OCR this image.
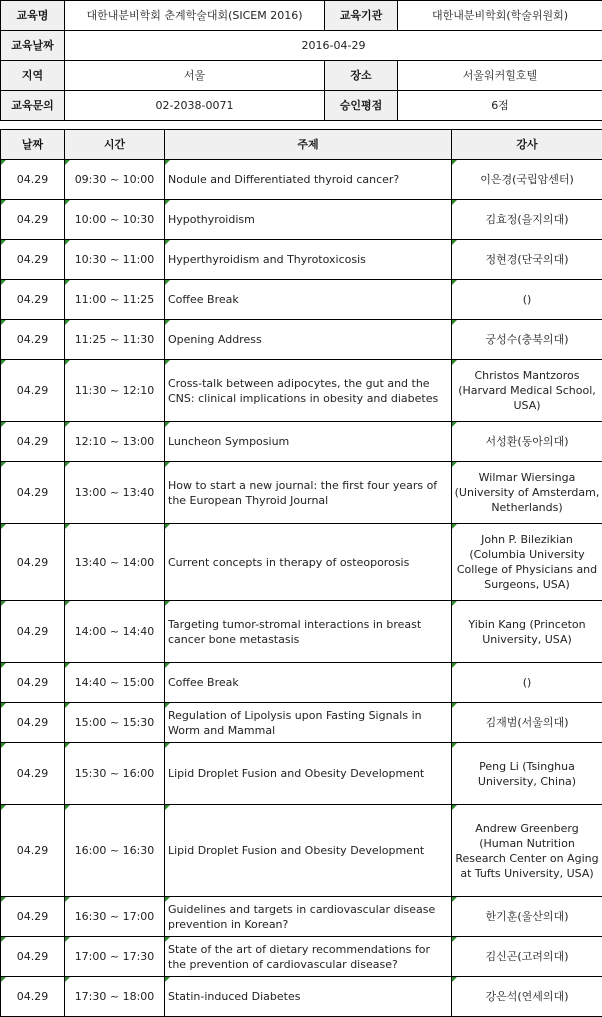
교육명	대한내분비학회 춘계학술대회(SICEM 2016)	교육기관	대한내분비학회(학술위원회)
교육날짜	2016-04-29		
지역	서울	장소	서울워커힐호텔
교육문의	02-2038-0071	승인평점	6점
날짜	시간	주제	강사
04.29	09:30 ~ 10:00	Nodule and Differentiated thyroid cancer?	이은경(국립암센터)
04.29	10:00 ~ 10:30	Hypothyroidism	김효정(을지의대)
04.29	10:30 ~ 11:00	Hyperthyroidism and Thyrotoxicosis	정현경(단국의대)
04.29	11:00 ~ 11:25	Coffee Break	()
04.29	11:25 ~ 11:30	Opening Address	궁성수(충북의대)
04.29	11:30 ~ 12:10	Cross-talk between adipocytes, the gut and the CNS: clinical implications in obesity and diabetes	Christos Mantzoros (Harvard Medical School, USA)
04.29	12:10 ~ 13:00	Luncheon Symposium	서성환(동아의대)
04.29	13:00 ~ 13:40	How to start a new journal: the first four years of the European Thyroid Journal	Wilmar Wiersinga (University of Amsterdam, Netherlands)
04.29	13:40 ~ 14:00	Current concepts in therapy of osteoporosis	John P. Bilezikian (Columbia University College of Physicians and Surgeons, USA)
04.29	14:00 ~ 14:40	Targeting tumor-stromal interactions in breast cancer bone metastasis	Yibin Kang (Princeton University, USA)
04.29	14:40 ~ 15:00	Coffee Break	()
04.29	15:00 ~ 15:30	Regulation of Lipolysis upon Fasting Signals in Worm and Mammal	김재범(서울의대)
04.29	15:30 ~ 16:00	Lipid Droplet Fusion and Obesity Development	Peng Li (Tsinghua University, China)
04.29	16:00 ~ 16:30	Lipid Droplet Fusion and Obesity Development	Andrew Greenberg (Human Nutrition Research Center on Aging at Tufts University, USA)
04.29	16:30 ~ 17:00	Guidelines and targets in cardiovascular disease prevention in Korean?	한기훈(울산의대)
04.29	17:00 ~ 17:30	State of the art of dietary recommendations for the prevention of cardiovascular disease?	김신곤(고려의대)
04.29	17:30 ~ 18:00	Statin-induced Diabetes	강은석(연세의대)
